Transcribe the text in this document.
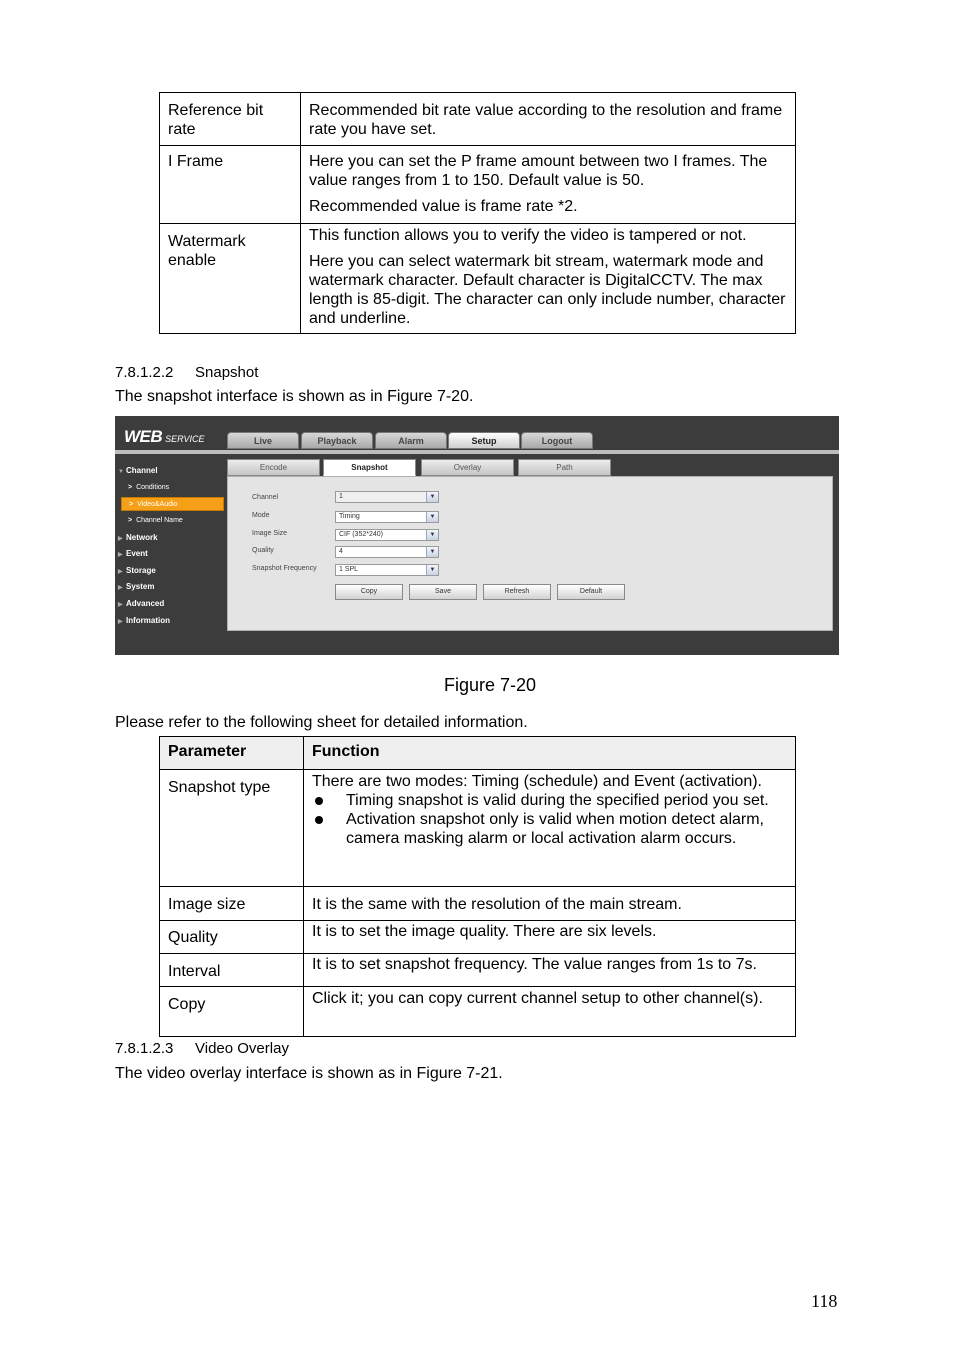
Reference bit rate	Recommended bit rate value according to the resolution and frame rate you have set.

I Frame	Here you can set the P frame amount between two I frames. The value ranges from 1 to 150. Default value is 50.

Recommended value is frame rate *2.

Watermark enable	This function allows you to verify the video is tampered or not.

Here you can select watermark bit stream, watermark mode and watermark character. Default character is DigitalCCTV. The max length is 85-digit. The character can only include number, character and underline.

7.8.1.2.2 Snapshot
The snapshot interface is shown as in Figure 7-20.
WEB SERVICE	Live	Playback	Alarm	Setup	Logout
▼ Channel
> Conditions
> Video&Audio
> Channel Name
▶ Network
▶ Event
▶ Storage
▶ System
▶ Advanced
▶ Information
Encode	Snapshot	Overlay	Path
Channel	1	▼
Mode	Timing	▼
Image Size	CIF (352*240)	▼
Quality	4	▼
Snapshot Frequency	1 SPL	▼
Copy	Save	Refresh	Default
Figure 7-20
Please refer to the following sheet for detailed information.
Parameter	Function
Snapshot type	There are two modes: Timing (schedule) and Event (activation).
Timing snapshot is valid during the specified period you set.
Activation snapshot only is valid when motion detect alarm, camera masking alarm or local activation alarm occurs.

Image size	It is the same with the resolution of the main stream.
Quality	It is to set the image quality. There are six levels.
Interval	It is to set snapshot frequency. The value ranges from 1s to 7s.
Copy	Click it; you can copy current channel setup to other channel(s).
7.8.1.2.3 Video Overlay
The video overlay interface is shown as in Figure 7-21.
118
